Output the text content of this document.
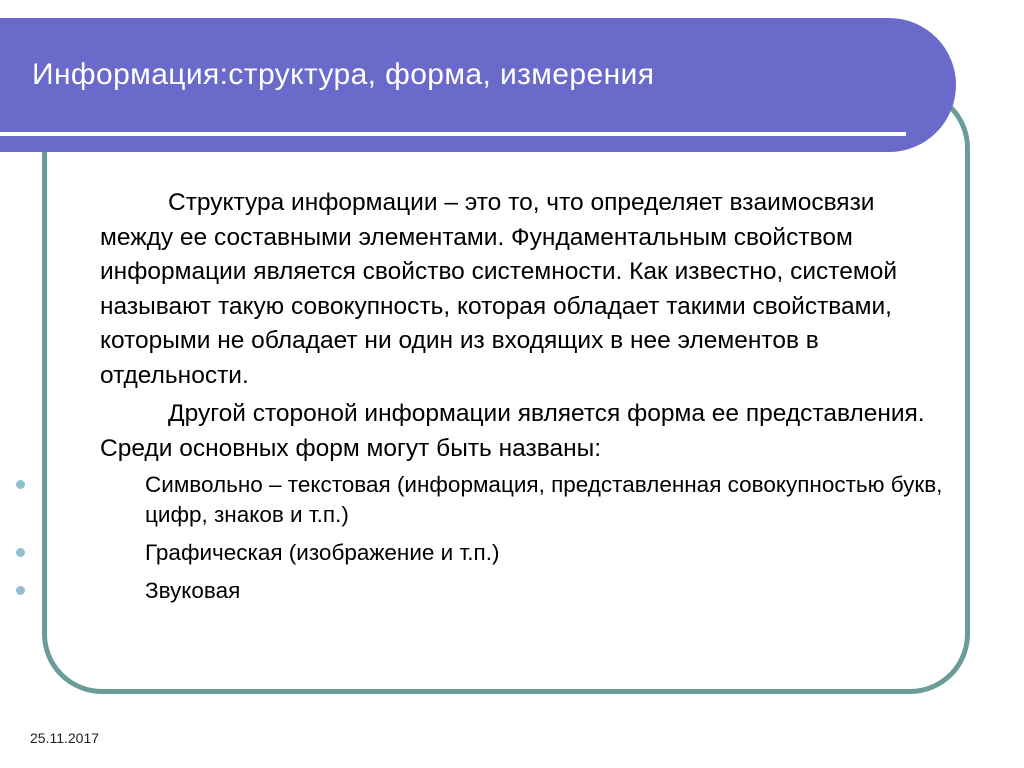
Информация:структура, форма, измерения

Структура информации – это то, что определяет взаимосвязи между ее составными элементами. Фундаментальным свойством информации является свойство системности. Как известно, системой называют такую совокупность, которая обладает такими свойствами, которыми не обладает ни один из входящих в нее элементов в отдельности.

Другой стороной информации является форма ее представления. Среди основных форм могут быть названы:

Символьно – текстовая (информация, представленная совокупностью букв, цифр, знаков и т.п.)
Графическая (изображение и т.п.)
Звуковая
25.11.2017
